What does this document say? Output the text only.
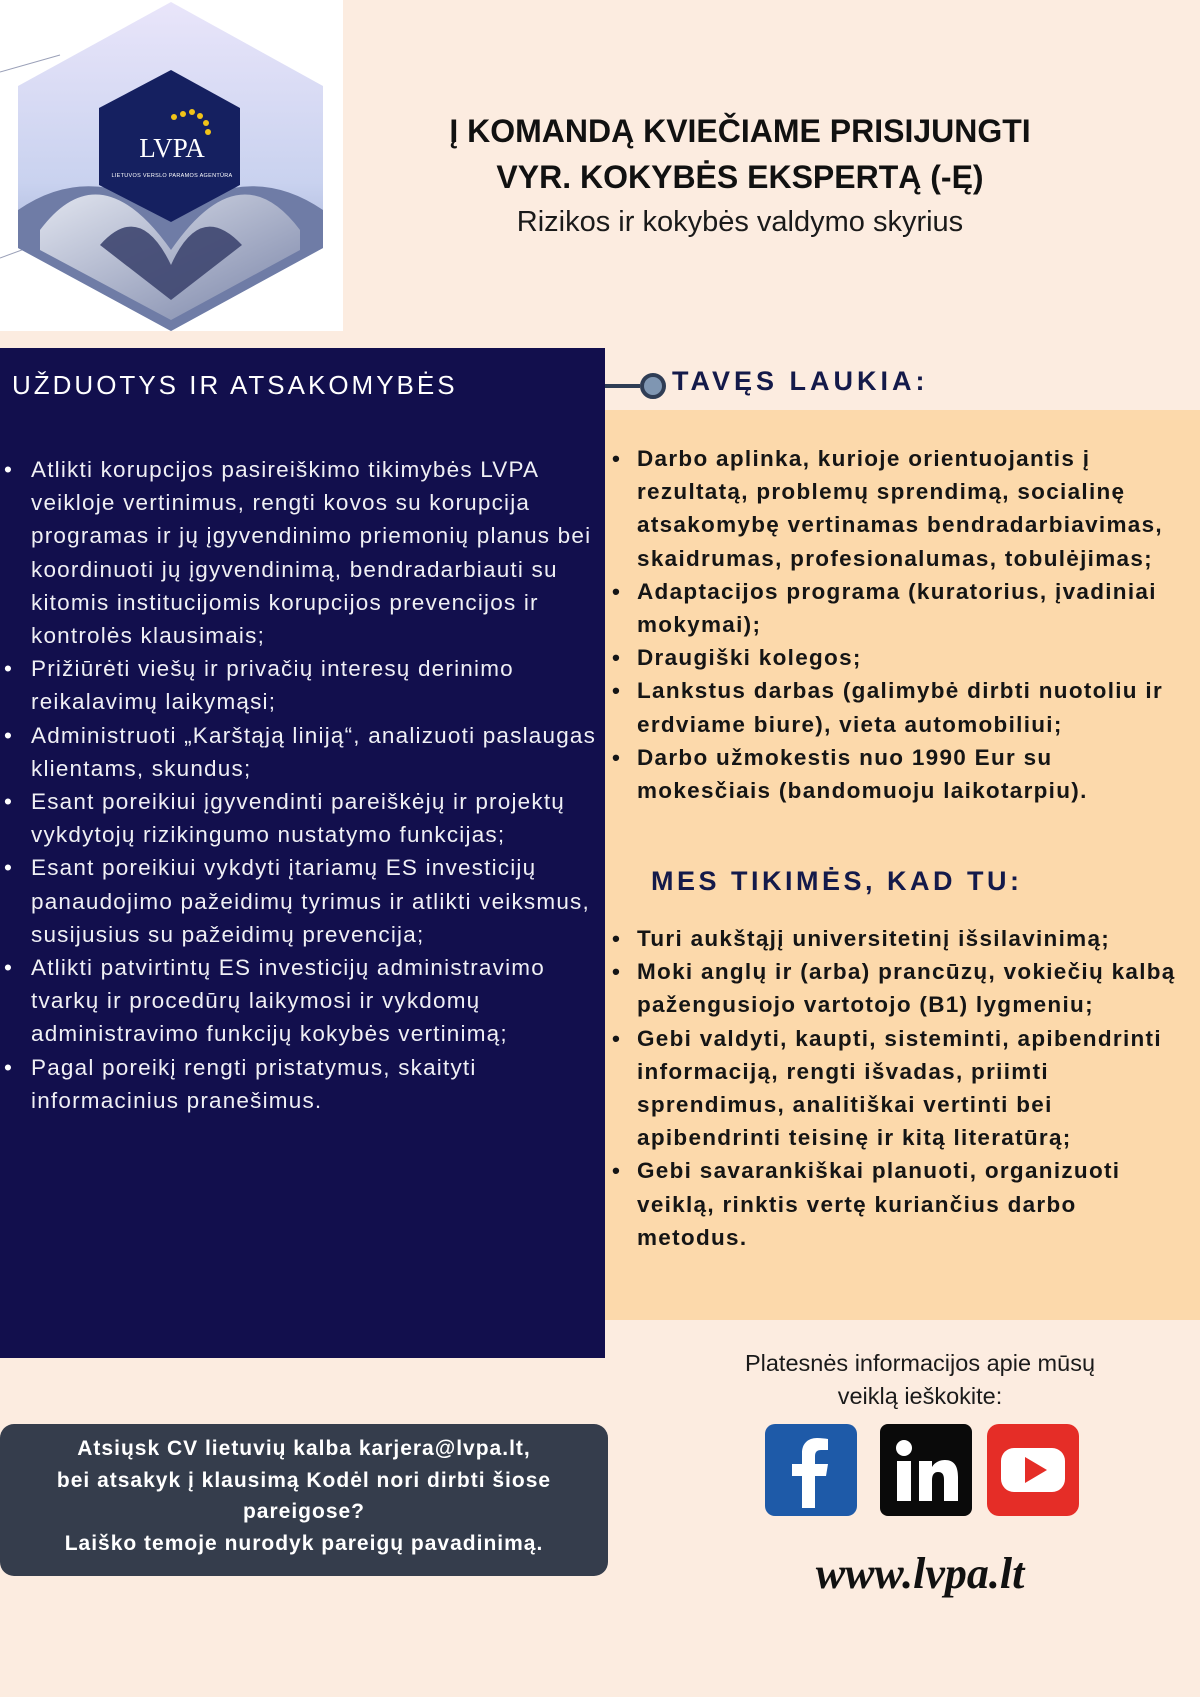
LVPA
LIETUVOS VERSLO PARAMOS AGENTŪRA
Į KOMANDĄ KVIEČIAME PRISIJUNGTI
VYR. KOKYBĖS EKSPERTĄ (-Ę)
Rizikos ir kokybės valdymo skyrius
UŽDUOTYS IR ATSAKOMYBĖS
• Atlikti korupcijos pasireiškimo tikimybės LVPA veikloje vertinimus, rengti kovos su korupcija programas ir jų įgyvendinimo priemonių planus bei koordinuoti jų įgyvendinimą, bendradarbiauti su kitomis institucijomis korupcijos prevencijos ir kontrolės klausimais;
• Prižiūrėti viešų ir privačių interesų derinimo reikalavimų laikymąsi;
• Administruoti „Karštąją liniją“, analizuoti paslaugas klientams, skundus;
• Esant poreikiui įgyvendinti pareiškėjų ir projektų vykdytojų rizikingumo nustatymo funkcijas;
• Esant poreikiui vykdyti įtariamų ES investicijų panaudojimo pažeidimų tyrimus ir atlikti veiksmus, susijusius su pažeidimų prevencija;
• Atlikti patvirtintų ES investicijų administravimo tvarkų ir procedūrų laikymosi ir vykdomų administravimo funkcijų kokybės vertinimą;
• Pagal poreikį rengti pristatymus, skaityti informacinius pranešimus.
TAVĘS LAUKIA:
• Darbo aplinka, kurioje orientuojantis į rezultatą, problemų sprendimą, socialinę atsakomybę vertinamas bendradarbiavimas, skaidrumas, profesionalumas, tobulėjimas;
• Adaptacijos programa (kuratorius, įvadiniai mokymai);
• Draugiški kolegos;
• Lankstus darbas (galimybė dirbti nuotoliu ir erdviame biure), vieta automobiliui;
• Darbo užmokestis nuo 1990 Eur su mokesčiais (bandomuoju laikotarpiu).
MES TIKIMĖS, KAD TU:
• Turi aukštąjį universitetinį išsilavinimą;
• Moki anglų ir (arba) prancūzų, vokiečių kalbą pažengusiojo vartotojo (B1) lygmeniu;
• Gebi valdyti, kaupti, sisteminti, apibendrinti informaciją, rengti išvadas, priimti sprendimus, analitiškai vertinti bei apibendrinti teisinę ir kitą literatūrą;
• Gebi savarankiškai planuoti, organizuoti veiklą, rinktis vertę kuriančius darbo metodus.
Atsiųsk CV lietuvių kalba karjera@lvpa.lt,
bei atsakyk į klausimą Kodėl nori dirbti šiose pareigose?
Laiško temoje nurodyk pareigų pavadinimą.
Platesnės informacijos apie mūsų
veiklą ieškokite:
www.lvpa.lt
